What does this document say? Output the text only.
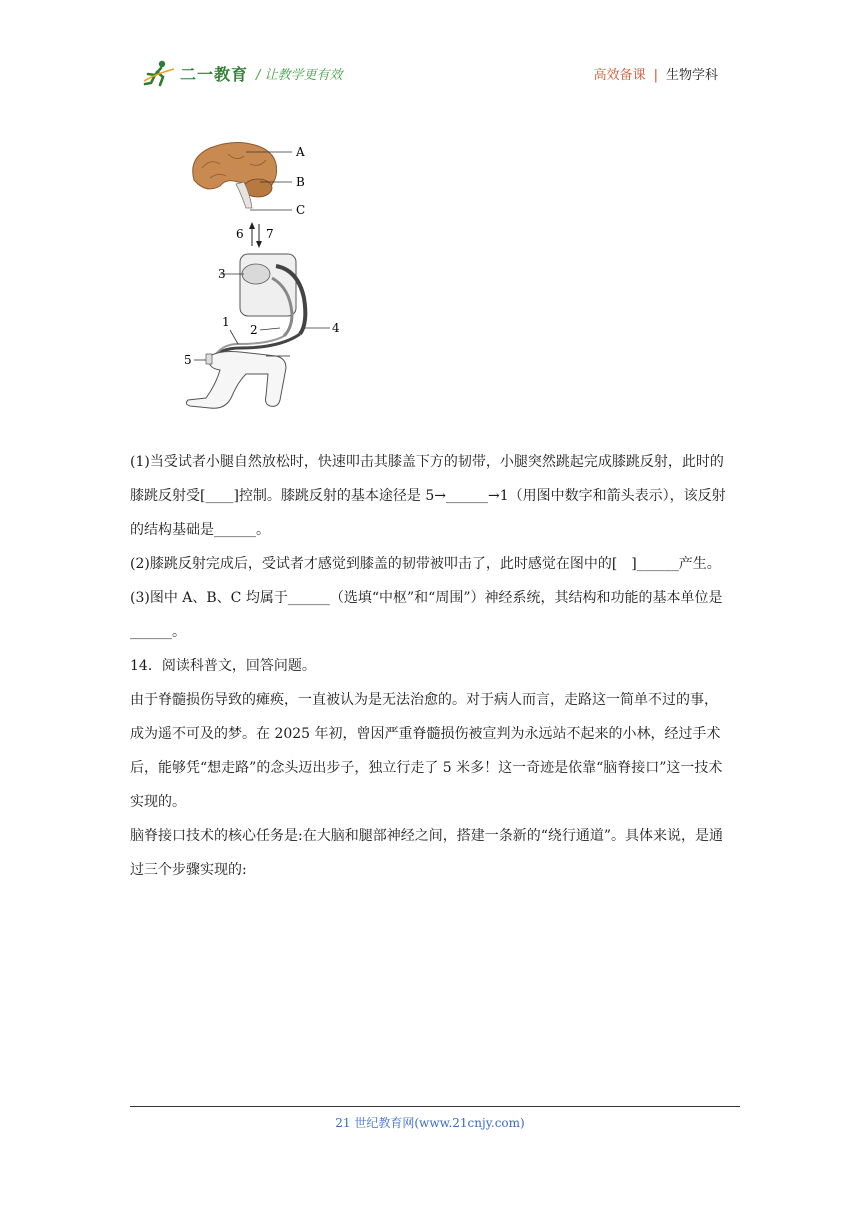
二一教育 / 让教学更有效	高效备课 | 生物学科
A
B
C
6 7
3
1
2	4
5

(1)当受试者小腿自然放松时，快速叩击其膝盖下方的韧带，小腿突然跳起完成膝跳反射，此时的膝跳反射受[____]控制。膝跳反射的基本途径是 5→______→1（用图中数字和箭头表示），该反射的结构基础是______。

(2)膝跳反射完成后，受试者才感觉到膝盖的韧带被叩击了，此时感觉在图中的[　]______产生。

(3)图中 A、B、C 均属于______（选填“中枢”和“周围”）神经系统，其结构和功能的基本单位是______。

14．阅读科普文，回答问题。

由于脊髓损伤导致的瘫痪，一直被认为是无法治愈的。对于病人而言，走路这一简单不过的事，成为遥不可及的梦。在 2025 年初，曾因严重脊髓损伤被宣判为永远站不起来的小林，经过手术后，能够凭“想走路”的念头迈出步子，独立行走了 5 米多！这一奇迹是依靠“脑脊接口”这一技术实现的。

脑脊接口技术的核心任务是:在大脑和腿部神经之间，搭建一条新的“绕行通道”。具体来说，是通过三个步骤实现的:

21 世纪教育网(www.21cnjy.com)
